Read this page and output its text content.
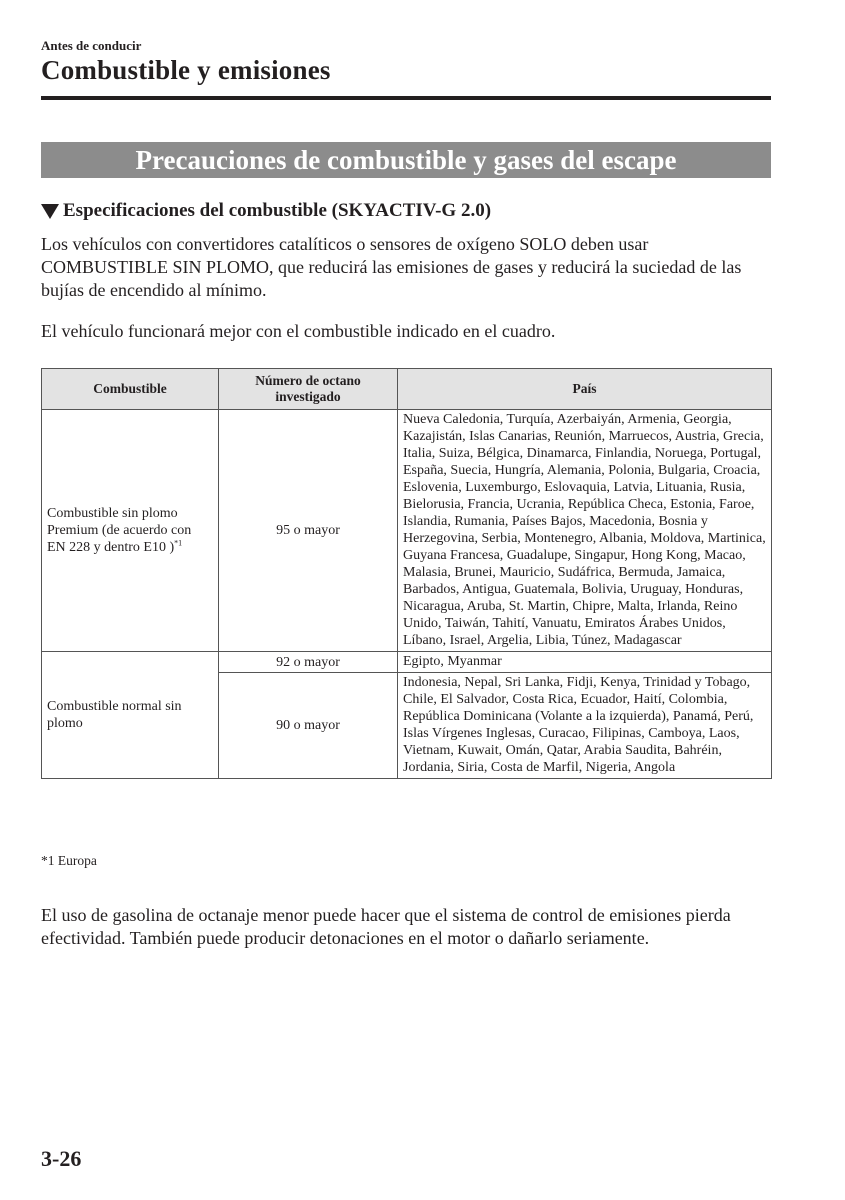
Antes de conducir
Combustible y emisiones
Precauciones de combustible y gases del escape
Especificaciones del combustible (SKYACTIV-G 2.0)
Los vehículos con convertidores catalíticos o sensores de oxígeno SOLO deben usar COMBUSTIBLE SIN PLOMO, que reducirá las emisiones de gases y reducirá la suciedad de las bujías de encendido al mínimo.
El vehículo funcionará mejor con el combustible indicado en el cuadro.
Combustible	Número de octano investigado	País
Combustible sin plomo Premium (de acuerdo con EN 228 y dentro E10 )$^{*1}$	95 o mayor	Nueva Caledonia, Turquía, Azerbaiyán, Armenia, Georgia, Kazajistán, Islas Canarias, Reunión, Marruecos, Austria, Grecia, Italia, Suiza, Bélgica, Dinamarca, Finlandia, Noruega, Portugal, España, Suecia, Hungría, Alemania, Polonia, Bulgaria, Croacia, Eslovenia, Luxemburgo, Eslovaquia, Latvia, Lituania, Rusia, Bielorusia, Francia, Ucrania, República Checa, Estonia, Faroe, Islandia, Rumania, Países Bajos, Macedonia, Bosnia y Herzegovina, Serbia, Montenegro, Albania, Moldova, Martinica, Guyana Francesa, Guadalupe, Singapur, Hong Kong, Macao, Malasia, Brunei, Mauricio, Sudáfrica, Bermuda, Jamaica, Barbados, Antigua, Guatemala, Bolivia, Uruguay, Honduras, Nicaragua, Aruba, St. Martin, Chipre, Malta, Irlanda, Reino Unido, Taiwán, Tahití, Vanuatu, Emiratos Árabes Unidos, Líbano, Israel, Argelia, Libia, Túnez, Madagascar
Combustible normal sin plomo	92 o mayor	Egipto, Myanmar
	90 o mayor	Indonesia, Nepal, Sri Lanka, Fidji, Kenya, Trinidad y Tobago, Chile, El Salvador, Costa Rica, Ecuador, Haití, Colombia, República Dominicana (Volante a la izquierda), Panamá, Perú, Islas Vírgenes Inglesas, Curacao, Filipinas, Camboya, Laos, Vietnam, Kuwait, Omán, Qatar, Arabia Saudita, Bahréin, Jordania, Siria, Costa de Marfil, Nigeria, Angola
*1 Europa
El uso de gasolina de octanaje menor puede hacer que el sistema de control de emisiones pierda efectividad. También puede producir detonaciones en el motor o dañarlo seriamente.
3-26
